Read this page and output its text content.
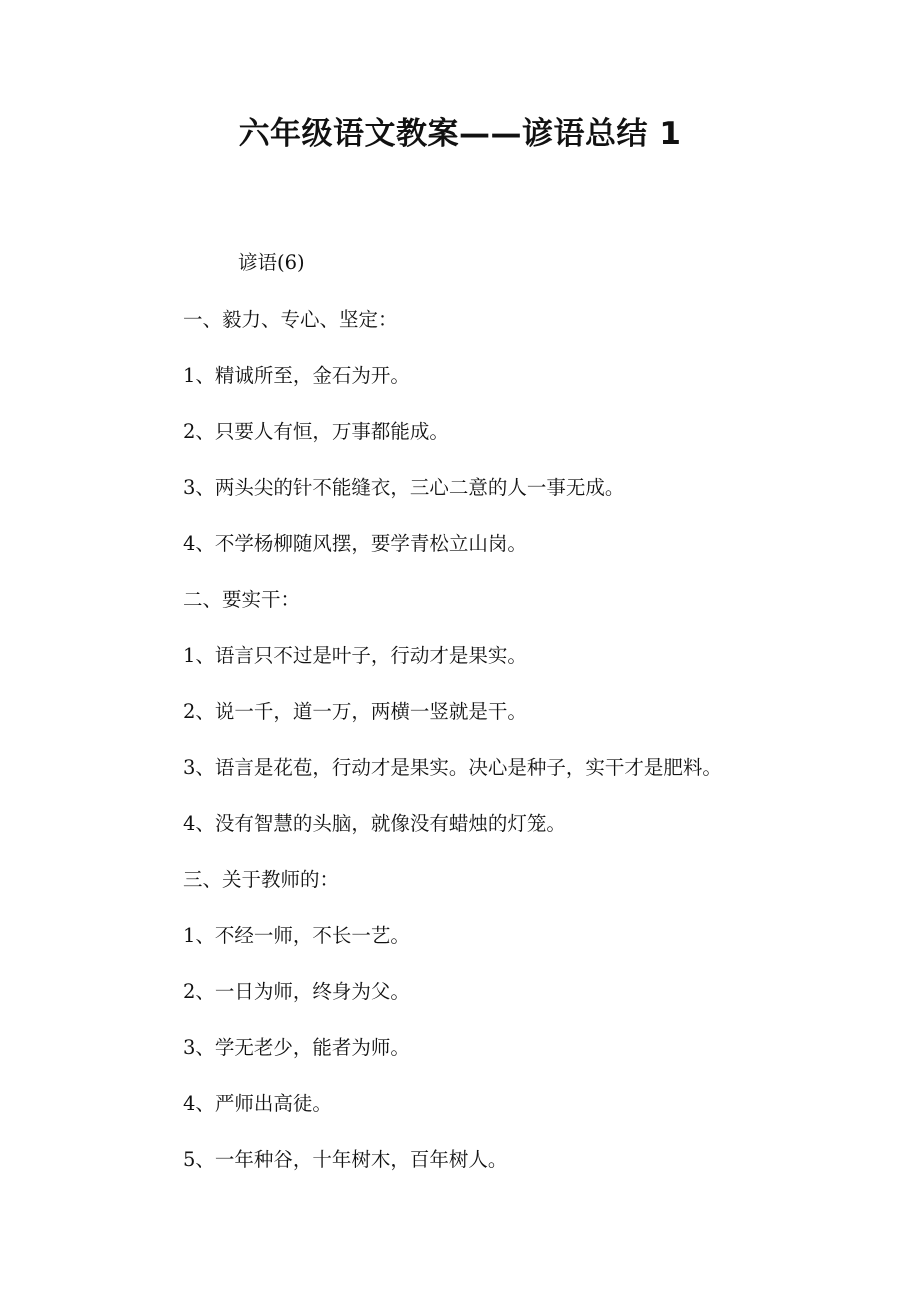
六年级语文教案——谚语总结 1
谚语(6)
一、毅力、专心、坚定：
1、精诚所至，金石为开。
2、只要人有恒，万事都能成。
3、两头尖的针不能缝衣，三心二意的人一事无成。
4、不学杨柳随风摆，要学青松立山岗。
二、要实干：
1、语言只不过是叶子，行动才是果实。
2、说一千，道一万，两横一竖就是干。
3、语言是花苞，行动才是果实。决心是种子，实干才是肥料。
4、没有智慧的头脑，就像没有蜡烛的灯笼。
三、关于教师的：
1、不经一师，不长一艺。
2、一日为师，终身为父。
3、学无老少，能者为师。
4、严师出高徒。
5、一年种谷，十年树木，百年树人。
